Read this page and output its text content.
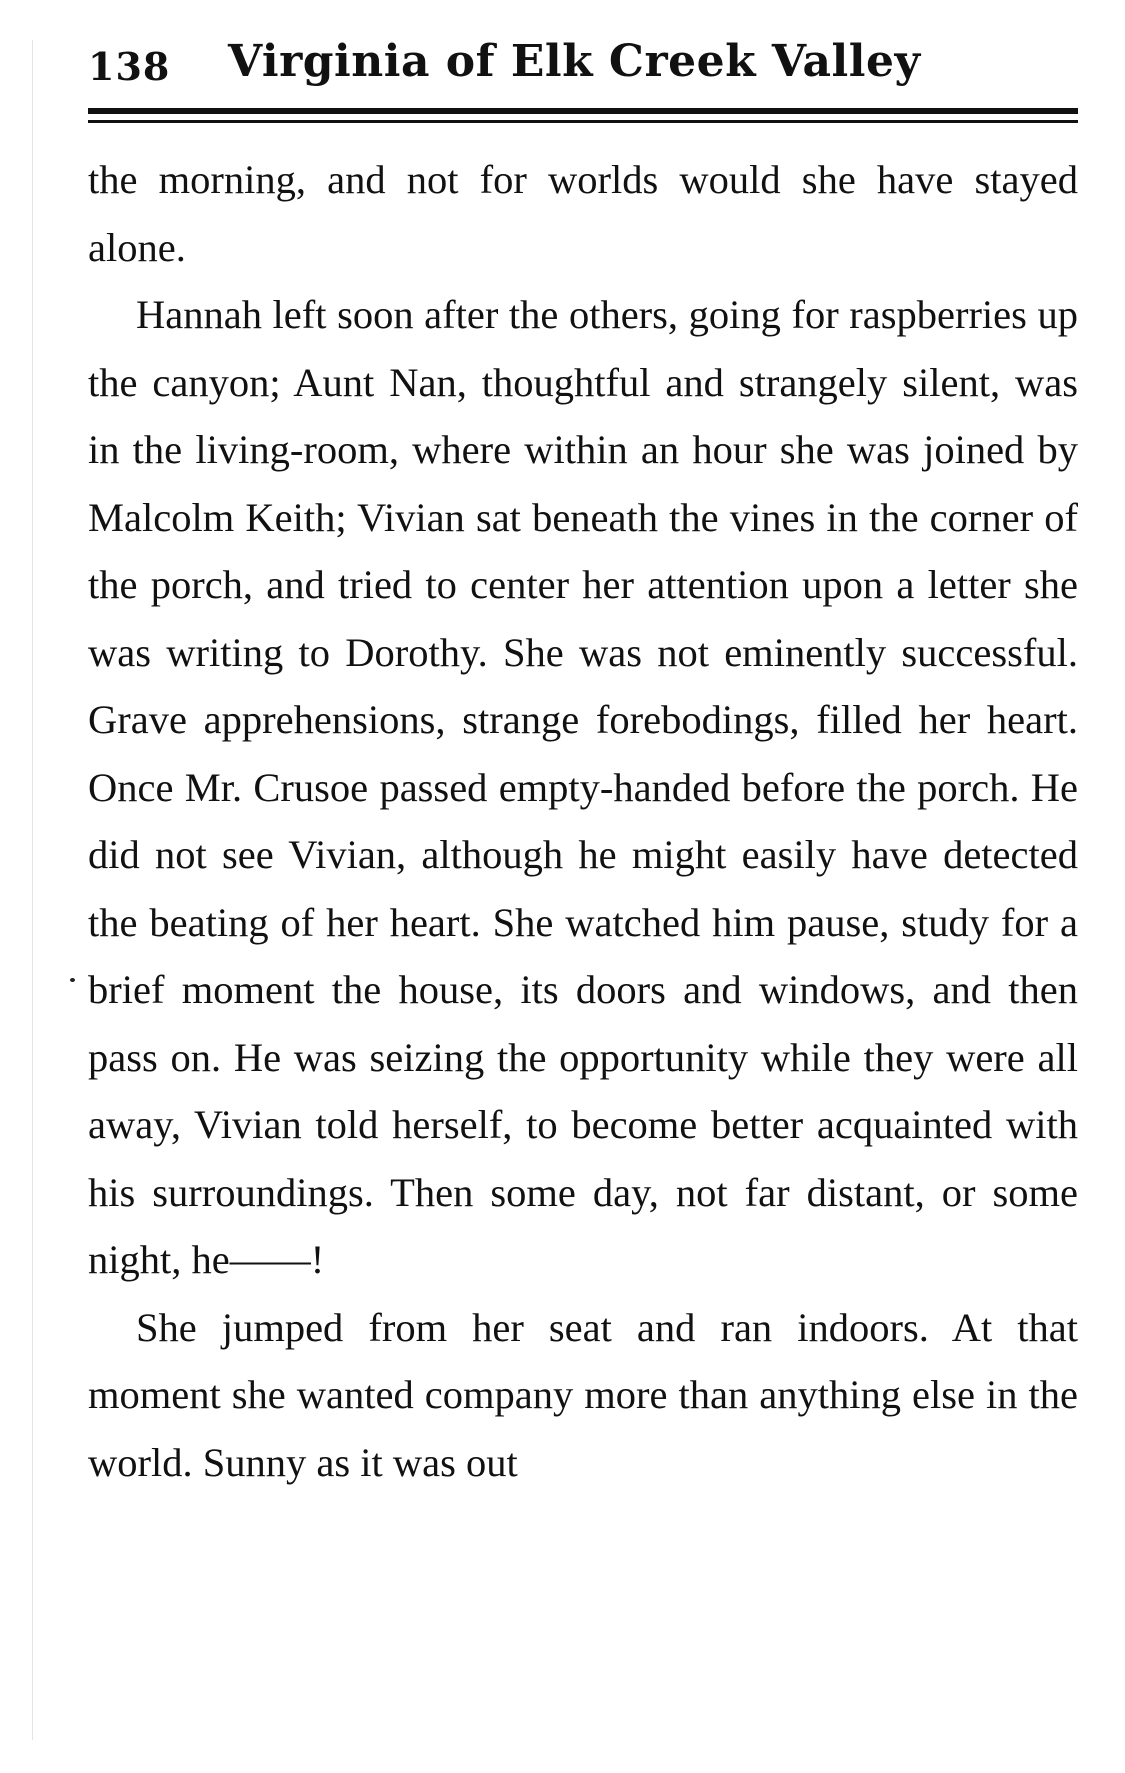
138 Virginia of Elk Creek Valley

the morning, and not for worlds would she have stayed alone.

Hannah left soon after the others, going for raspberries up the canyon; Aunt Nan, thoughtful and strangely silent, was in the living-room, where within an hour she was joined by Malcolm Keith; Vivian sat beneath the vines in the corner of the porch, and tried to center her attention upon a letter she was writing to Dorothy. She was not eminently successful. Grave apprehensions, strange forebodings, filled her heart. Once Mr. Crusoe passed empty-handed before the porch. He did not see Vivian, although he might easily have detected the beating of her heart. She watched him pause, study for a brief moment the house, its doors and windows, and then pass on. He was seizing the opportunity while they were all away, Vivian told herself, to become better acquainted with his surroundings. Then some day, not far distant, or some night, he——!

She jumped from her seat and ran indoors. At that moment she wanted company more than anything else in the world. Sunny as it was out
